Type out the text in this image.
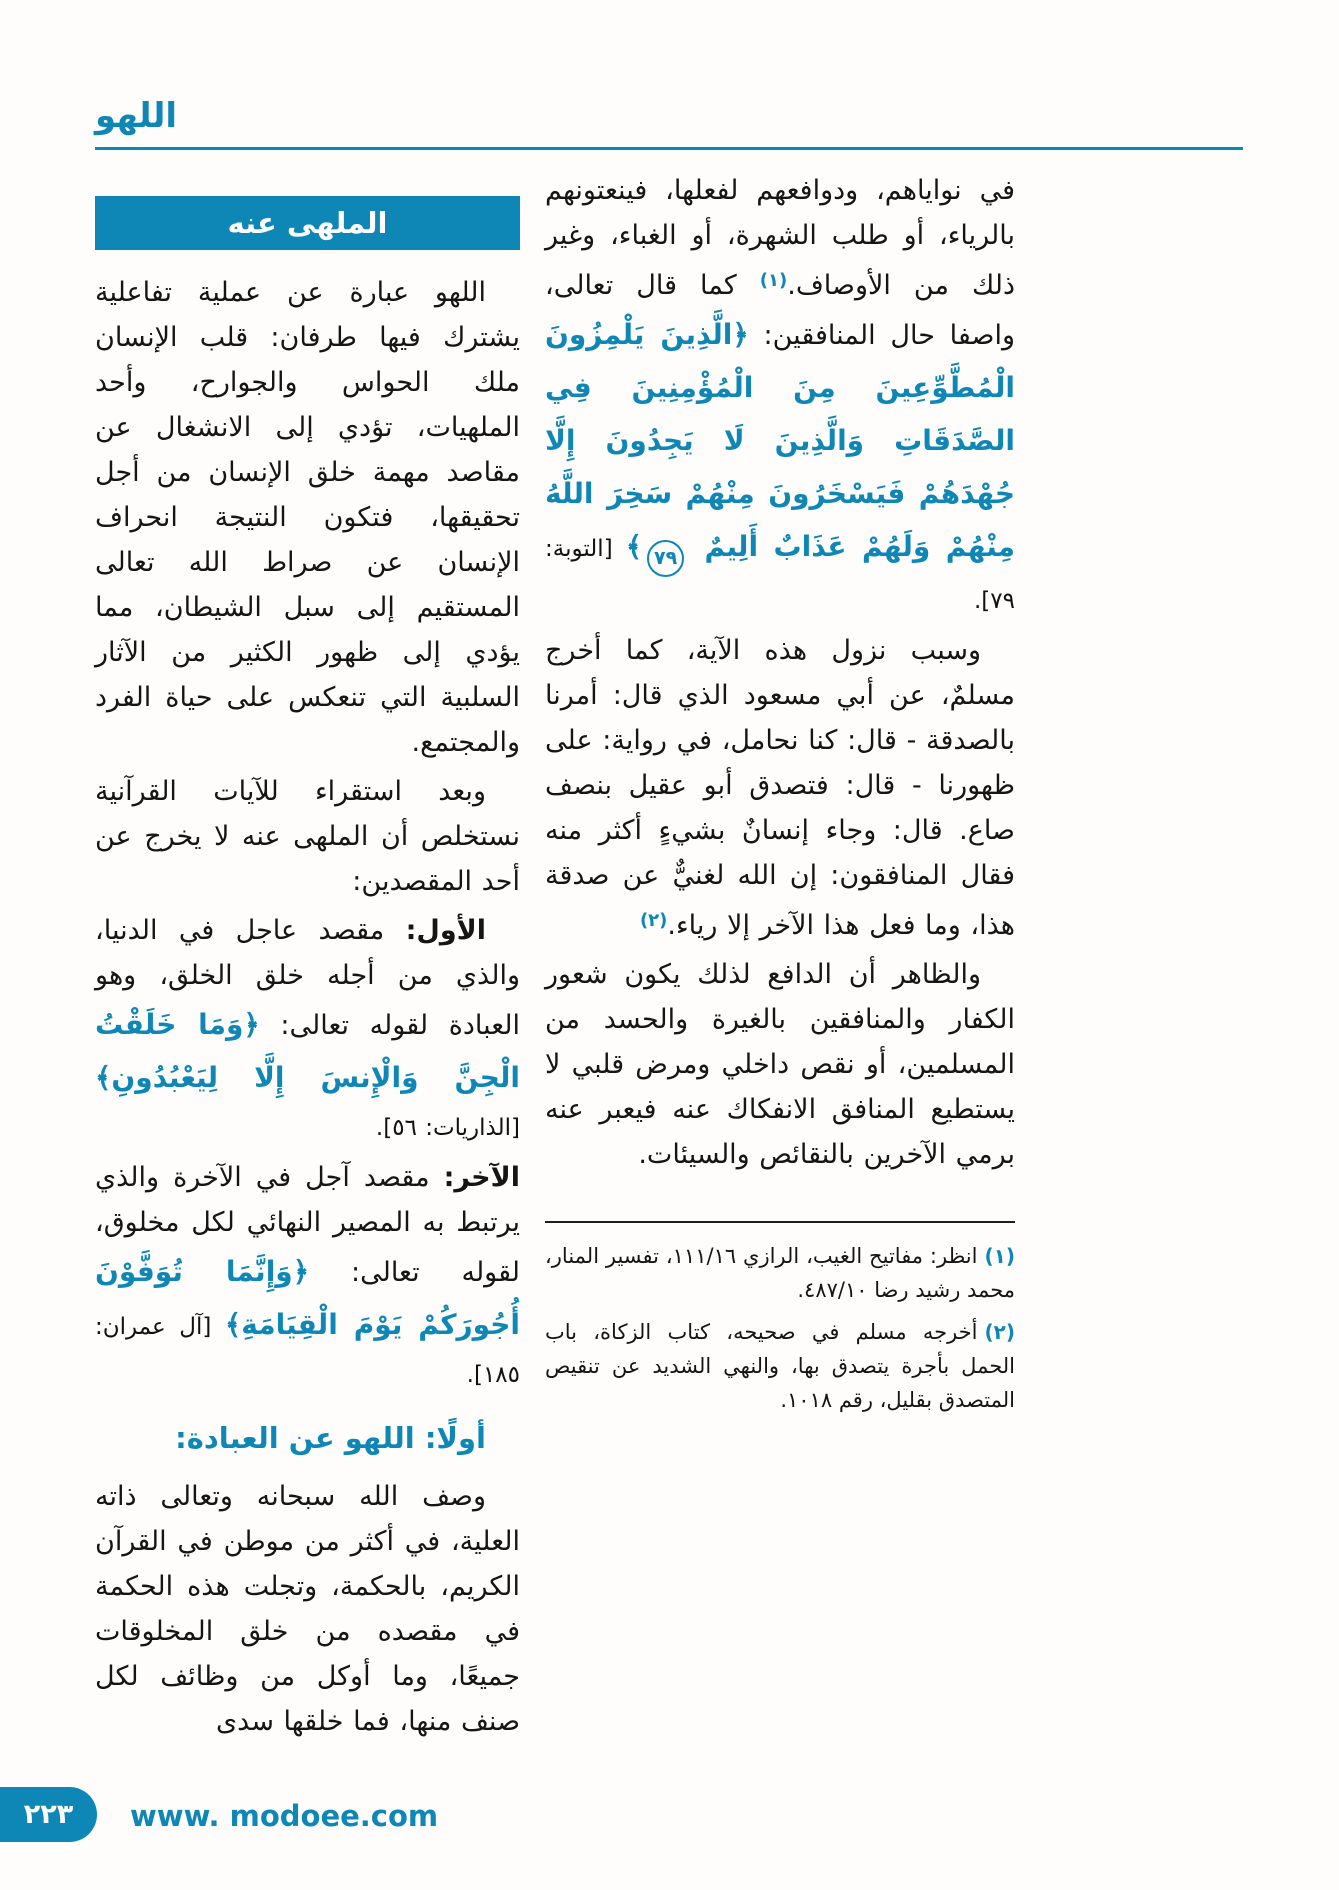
اللهو

في نواياهم، ودوافعهم لفعلها، فينعتونهم بالرياء، أو طلب الشهرة، أو الغباء، وغير ذلك من الأوصاف.$^{(١)}$ كما قال تعالى، واصفا حال المنافقين: ﴿الَّذِينَ يَلْمِزُونَ الْمُطَّوِّعِينَ مِنَ الْمُؤْمِنِينَ فِي الصَّدَقَاتِ وَالَّذِينَ لَا يَجِدُونَ إِلَّا جُهْدَهُمْ فَيَسْخَرُونَ مِنْهُمْ سَخِرَ اللَّهُ مِنْهُمْ وَلَهُمْ عَذَابٌ أَلِيمٌ ٧٩﴾ [التوبة: ٧٩].

وسبب نزول هذه الآية، كما أخرج مسلمٌ، عن أبي مسعود الذي قال: أمرنا بالصدقة - قال: كنا نحامل، في رواية: على ظهورنا - قال: فتصدق أبو عقيل بنصف صاع. قال: وجاء إنسانٌ بشيءٍ أكثر منه فقال المنافقون: إن الله لغنيٌّ عن صدقة هذا، وما فعل هذا الآخر إلا رياء.$^{(٢)}$

والظاهر أن الدافع لذلك يكون شعور الكفار والمنافقين بالغيرة والحسد من المسلمين، أو نقص داخلي ومرض قلبي لا يستطيع المنافق الانفكاك عنه فيعبر عنه برمي الآخرين بالنقائص والسيئات.

(١)انظر: مفاتيح الغيب، الرازي ١١١/١٦، تفسير المنار، محمد رشيد رضا ٤٨٧/١٠.

(٢)أخرجه مسلم في صحيحه، كتاب الزكاة، باب الحمل بأجرة يتصدق بها، والنهي الشديد عن تنقيص المتصدق بقليل، رقم ١٠١٨.

الملهى عنه

اللهو عبارة عن عملية تفاعلية يشترك فيها طرفان: قلب الإنسان ملك الحواس والجوارح، وأحد الملهيات، تؤدي إلى الانشغال عن مقاصد مهمة خلق الإنسان من أجل تحقيقها، فتكون النتيجة انحراف الإنسان عن صراط الله تعالى المستقيم إلى سبل الشيطان، مما يؤدي إلى ظهور الكثير من الآثار السلبية التي تنعكس على حياة الفرد والمجتمع.

وبعد استقراء للآيات القرآنية نستخلص أن الملهى عنه لا يخرج عن أحد المقصدين:

الأول: مقصد عاجل في الدنيا، والذي من أجله خلق الخلق، وهو العبادة لقوله تعالى: ﴿وَمَا خَلَقْتُ الْجِنَّ وَالْإِنسَ إِلَّا لِيَعْبُدُونِ﴾ [الذاريات: ٥٦].

الآخر: مقصد آجل في الآخرة والذي يرتبط به المصير النهائي لكل مخلوق، لقوله تعالى: ﴿وَإِنَّمَا تُوَفَّوْنَ أُجُورَكُمْ يَوْمَ الْقِيَامَةِ﴾ [آل عمران: ١٨٥].

أولًا: اللهو عن العبادة:

وصف الله سبحانه وتعالى ذاته العلية، في أكثر من موطن في القرآن الكريم، بالحكمة، وتجلت هذه الحكمة في مقصده من خلق المخلوقات جميعًا، وما أوكل من وظائف لكل صنف منها، فما خلقها سدى

٢٢٣ www. modoee.com
